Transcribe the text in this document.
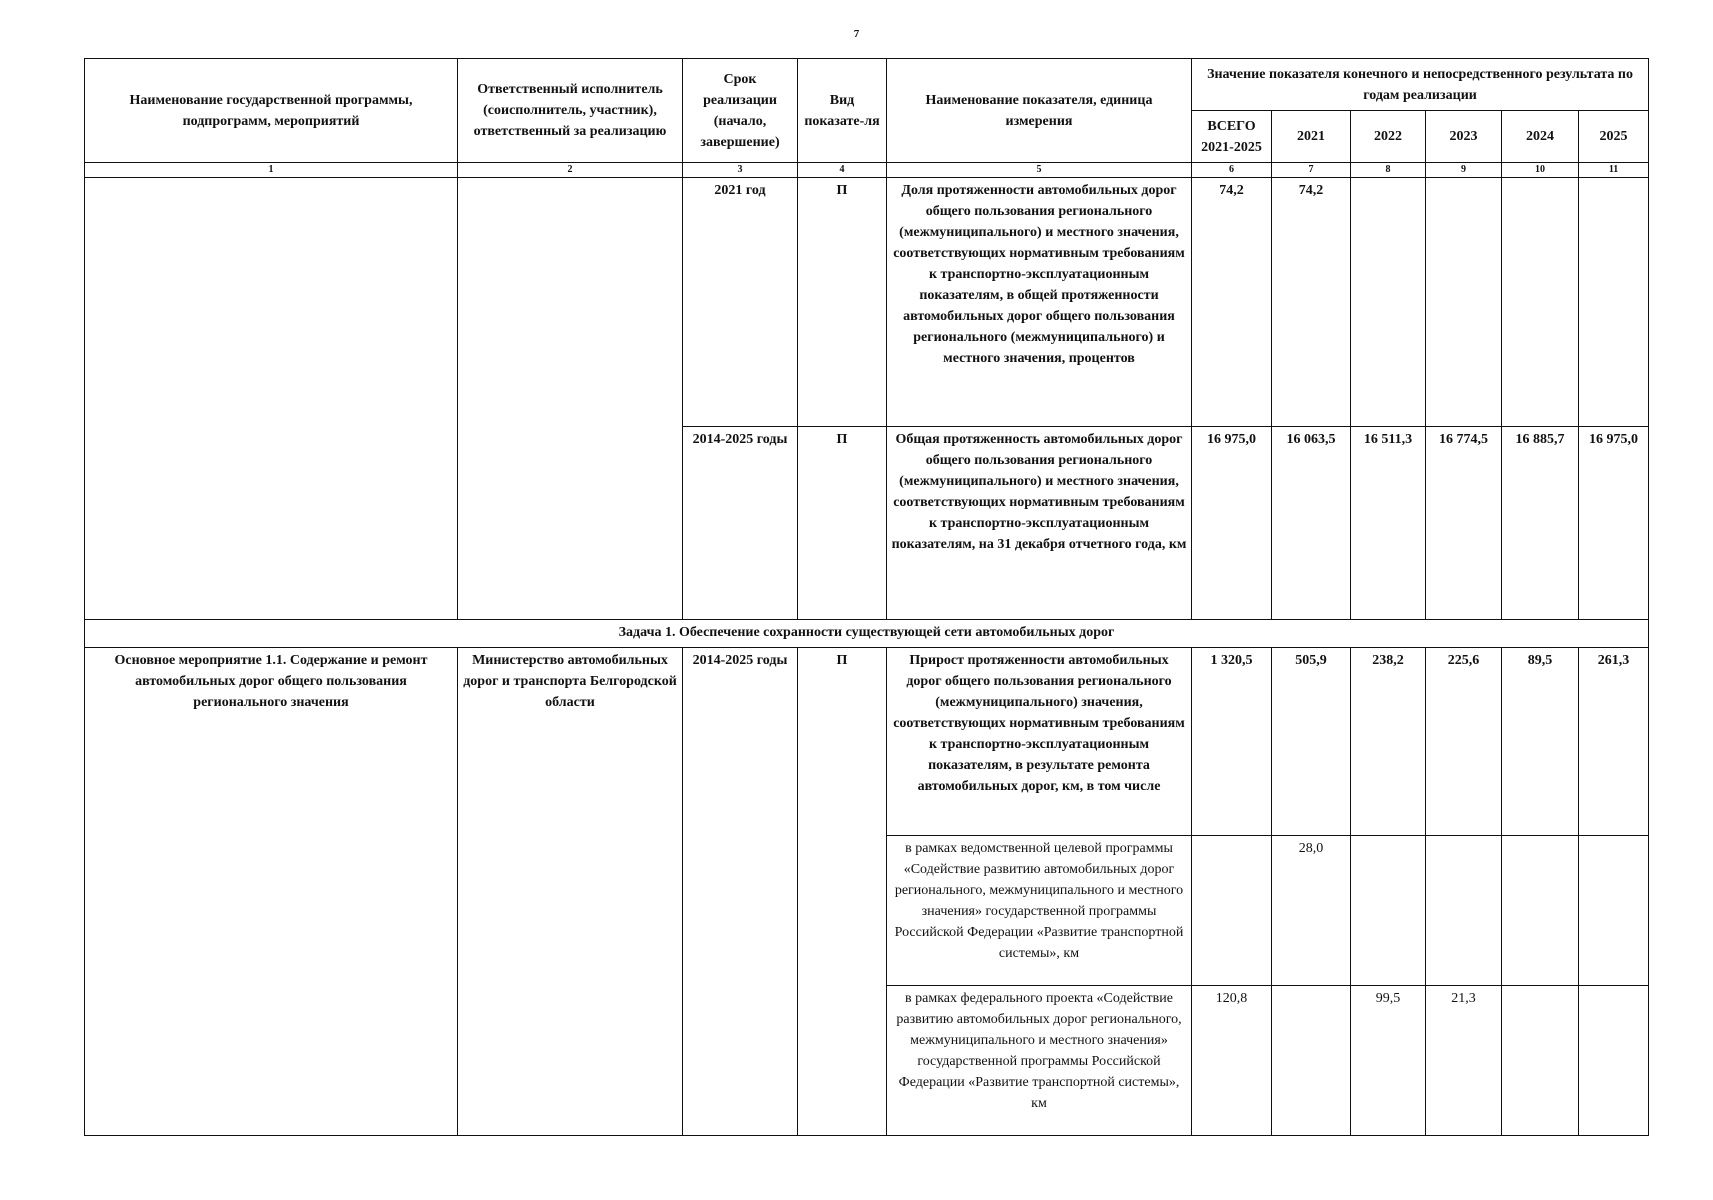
7
Наименование государственной программы, подпрограмм, мероприятий	Ответственный исполнитель (соисполнитель, участник), ответственный за реализацию	Срок реализации (начало, завершение)	Вид показате-ля	Наименование показателя, единица измерения	Значение показателя конечного и непосредственного результата по годам реализации					
					ВСЕГО 2021-2025	2021	2022	2023	2024	2025
1	2	3	4	5	6	7	8	9	10	11
		2021 год	П	Доля протяженности автомобильных дорог общего пользования регионального (межмуниципального) и местного значения, соответствующих нормативным требованиям к транспортно-эксплуатационным показателям, в общей протяженности автомобильных дорог общего пользования регионального (межмуниципального) и местного значения, процентов	74,2	74,2				
		2014-2025 годы	П	Общая протяженность автомобильных дорог общего пользования регионального (межмуниципального) и местного значения, соответствующих нормативным требованиям к транспортно-эксплуатационным показателям, на 31 декабря отчетного года, км	16 975,0	16 063,5	16 511,3	16 774,5	16 885,7	16 975,0
Задача 1. Обеспечение сохранности существующей сети автомобильных дорог										
Основное мероприятие 1.1. Содержание и ремонт автомобильных дорог общего пользования регионального значения	Министерство автомобильных дорог и транспорта Белгородской области	2014-2025 годы	П	Прирост протяженности автомобильных дорог общего пользования регионального (межмуниципального) значения, соответствующих нормативным требованиям к транспортно-эксплуатационным показателям, в результате ремонта автомобильных дорог, км, в том числе	1 320,5	505,9	238,2	225,6	89,5	261,3
				в рамках ведомственной целевой программы «Содействие развитию автомобильных дорог регионального, межмуниципального и местного значения» государственной программы Российской Федерации «Развитие транспортной системы», км		28,0				
				в рамках федерального проекта «Содействие развитию автомобильных дорог регионального, межмуниципального и местного значения» государственной программы Российской Федерации «Развитие транспортной системы», км	120,8		99,5	21,3		
